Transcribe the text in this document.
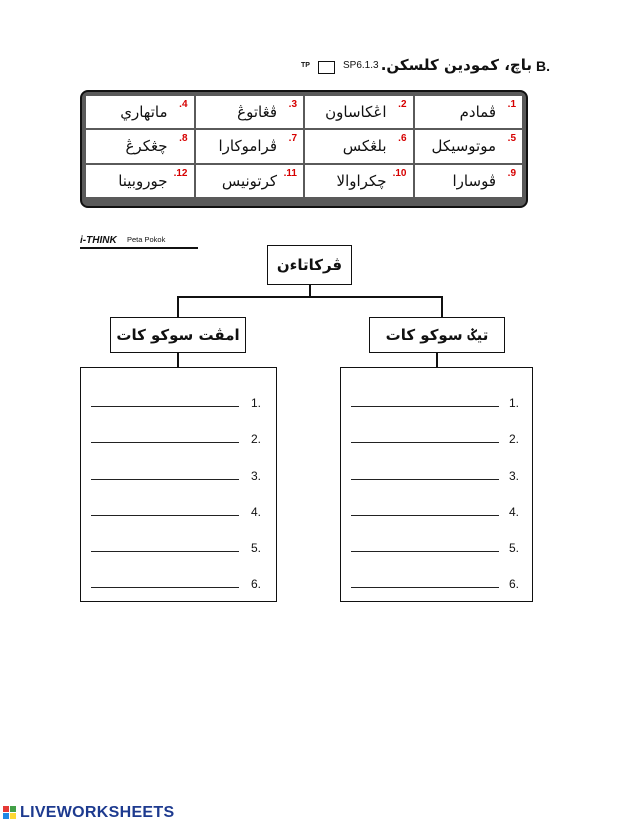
TP	SP6.1.3 باچ، کمودين کلسکن. B.
1.
ڤمادم
2.
اڠکاساون
3.
ڤڠاتوڠ
4.
ماتهاري
5.
موتوسيکل
6.
بلڠکس
7.
ڤراموکارا
8.
چڠکرڠ
9.
ڤوسارا
10.
چکراوالا
11.
کرتونيس
12.
جوروبينا
i-THINK Peta Pokok
ڤرکاتاءن
امڤت سوکو کات	تيݢ سوکو کات
1.
2.
3.
4.
5.
6.
1.
2.
3.
4.
5.
6.
LIVEWORKSHEETS
